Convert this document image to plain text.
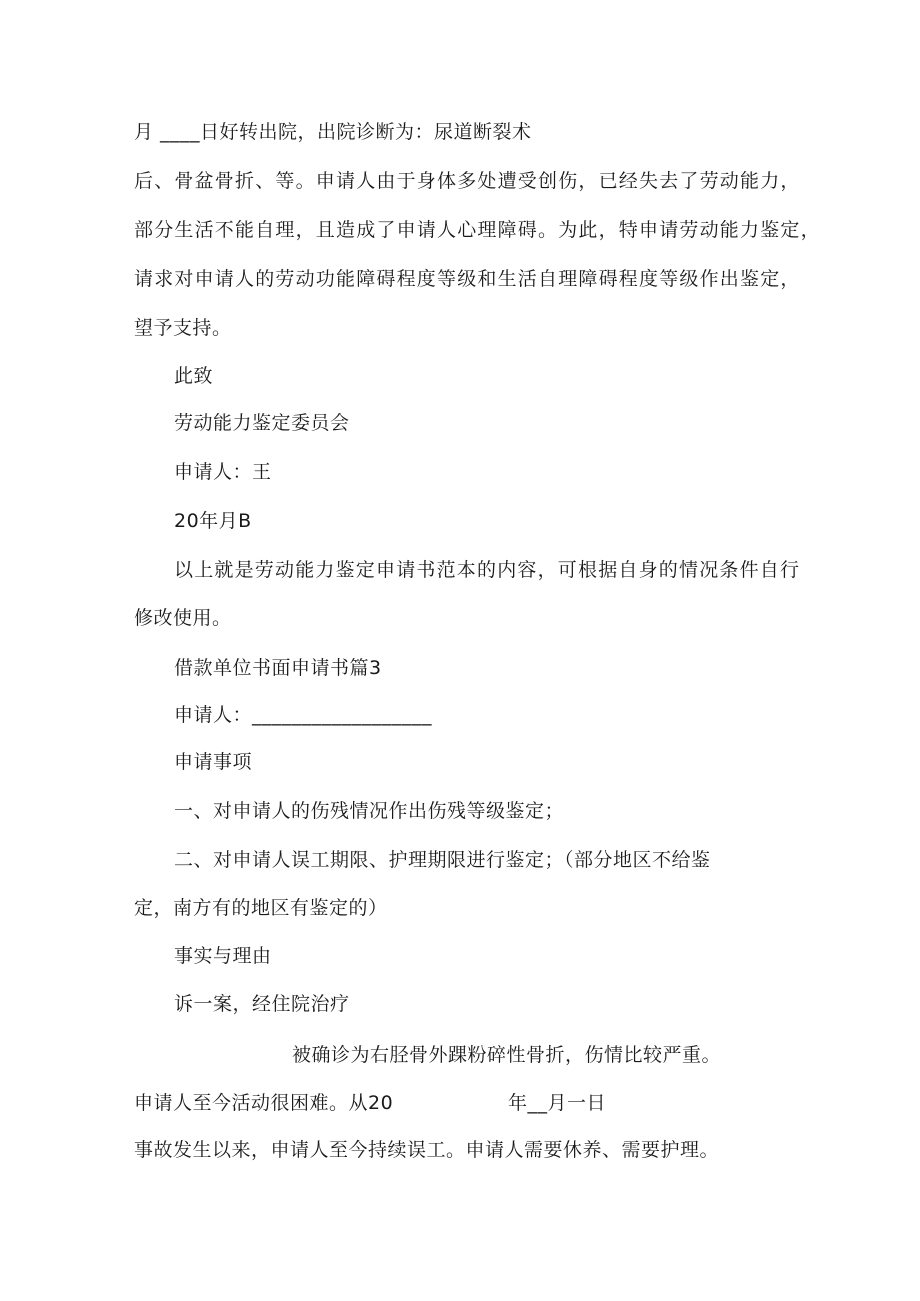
月 ____日好转出院，出院诊断为：尿道断裂术
后、骨盆骨折、等。申请人由于身体多处遭受创伤，已经失去了劳动能力，
部分生活不能自理，且造成了申请人心理障碍。为此，特申请劳动能力鉴定，
请求对申请人的劳动功能障碍程度等级和生活自理障碍程度等级作出鉴定，
望予支持。
此致
劳动能力鉴定委员会
申请人：王
20年月B
以上就是劳动能力鉴定申请书范本的内容，可根据自身的情况条件自行
修改使用。
借款单位书面申请书篇3
申请人：__________________
申请事项
一、对申请人的伤残情况作出伤残等级鉴定；
二、对申请人误工期限、护理期限进行鉴定；（部分地区不给鉴
定，南方有的地区有鉴定的）
事实与理由
诉一案，经住院治疗
被确诊为右胫骨外踝粉碎性骨折，伤情比较严重。
申请人至今活动很困难。从20	年__月一日
事故发生以来，申请人至今持续误工。申请人需要休养、需要护理。
